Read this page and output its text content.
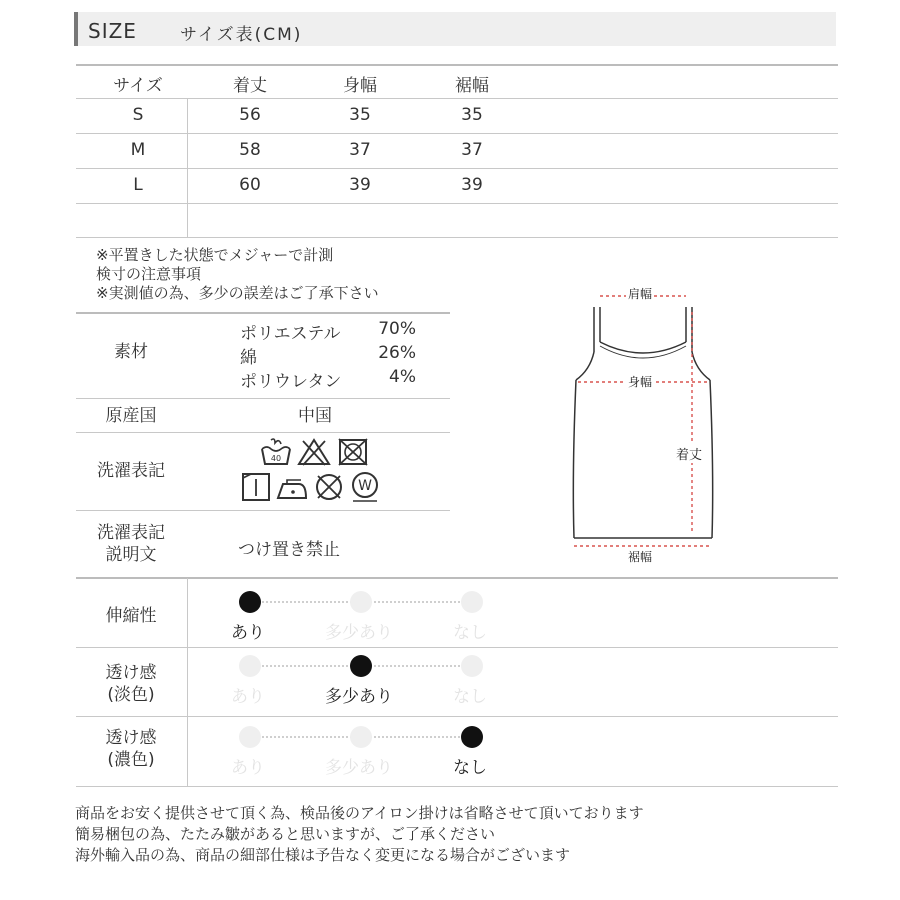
SIZE	サイズ表(CM)
サイズ	着丈	身幅	裾幅
S	56	35	35
M	58	37	37
L	60	39	39
※平置きした状態でメジャーで計測
検寸の注意事項
※実測値の為、多少の誤差はご了承下さい
素材
ポリエステル	70%
綿	26%
ポリウレタン	4%
原産国	中国
洗濯表記
40
W
洗濯表記
説明文	つけ置き禁止
肩幅
身幅
着丈
裾幅
伸縮性
あり	多少あり	なし
透け感
(淡色)	あり	多少あり	なし
透け感
(濃色)	あり	多少あり	なし
商品をお安く提供させて頂く為、検品後のアイロン掛けは省略させて頂いております
簡易梱包の為、たたみ皺があると思いますが、ご了承ください
海外輸入品の為、商品の細部仕様は予告なく変更になる場合がございます
